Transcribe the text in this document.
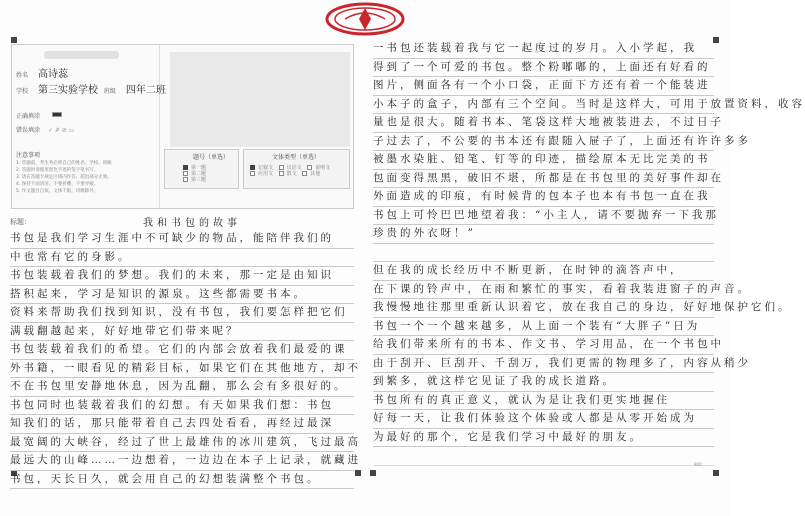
姓名 高诗蕊
学校 第三实验学校 班级 四年二班
正确填涂
错误填涂 ✓ ✗ ⊘ ▭
注意事项
1. 答题前，考生务必将自己的姓名、学校、班级
2. 答题时请使用黑色字迹的签字笔书写。
3. 请在答题卡规定区域内作答，超出部分无效。
4. 保持卡面清洁，不要折叠、不要弄破。
5. 作文题目自拟，文体不限，诗歌除外。
题号（单选）
第一题
第二题
第三题
文体类型（单选）
记叙文	议论文	说明文
应用文	散文	其他
标题：	我和书包的故事
书包是我们学习生涯中不可缺少的物品，能陪伴我们的
中也常有它的身影。
书包装载着我们的梦想。我们的未来，那一定是由知识
搭积起来，学习是知识的源泉。这些都需要书本。
资料来帮助我们找到知识，没有书包，我们要怎样把它们
满载翻越起来，好好地带它们带来呢？
书包装载着我们的希望。它们的内部会放着我们最爱的课
外书籍，一眼看见的精彩目标，如果它们在其他地方，却不
不在书包里安静地休息，因为乱翻，那么会有多很好的。
书包同时也装载着我们的幻想。有天如果我们想：书包
知我们的话，那只能带着自己去四处看看，再经过最深
最宽阔的大峡谷，经过了世上最雄伟的冰川建筑，飞过最高
最远大的山峰……一边想着，一边边在本子上记录，就藏进
书包，天长日久，就会用自己的幻想装满整个书包。
一书包还装载着我与它一起度过的岁月。入小学起，我
得到了一个可爱的书包。整个粉嘟嘟的，上面还有好看的
图片，侧面各有一个小口袋，正面下方还有着一个能装进
小本子的盒子，内部有三个空间。当时是这样大，可用于放置资料，收容
量也是很大。随着书本、笔袋这样大地被装进去，不过日子
子过去了，不公要的书本还有跟随入屉子了，上面还有许许多多
被墨水染脏、铅笔、钉等的印迹，描绘原本无比完美的书
包面变得黑黑，破旧不堪，所都是在书包里的美好事件却在
外面造成的印痕，有时候背的包本子也本有书包一直在我
书包上可怜巴巴地望着我：“小主人，请不要抛弃一下我那
珍贵的外衣呀！”
但在我的成长经历中不断更新，在时钟的滴答声中，
在下课的铃声中，在雨和繁忙的事实，看着我装进窗子的声音。
我慢慢地往那里重新认识着它，放在我自己的身边，好好地保护它们。
书包一个一个越来越多，从上面一个装有“大胖子”日为
给我们带来所有的书本、作文书、学习用品，在一个书包中
由于刮开、巨刮开、千刮万，我们更需的物理多了，内容从稍少
到繁多，就这样它见证了我的成长道路。
书包所有的真正意义，就认为是让我们更实地握住
好每一天，让我们体验这个体验或人都是从零开始成为
为最好的那个，它是我们学习中最好的朋友。
900
